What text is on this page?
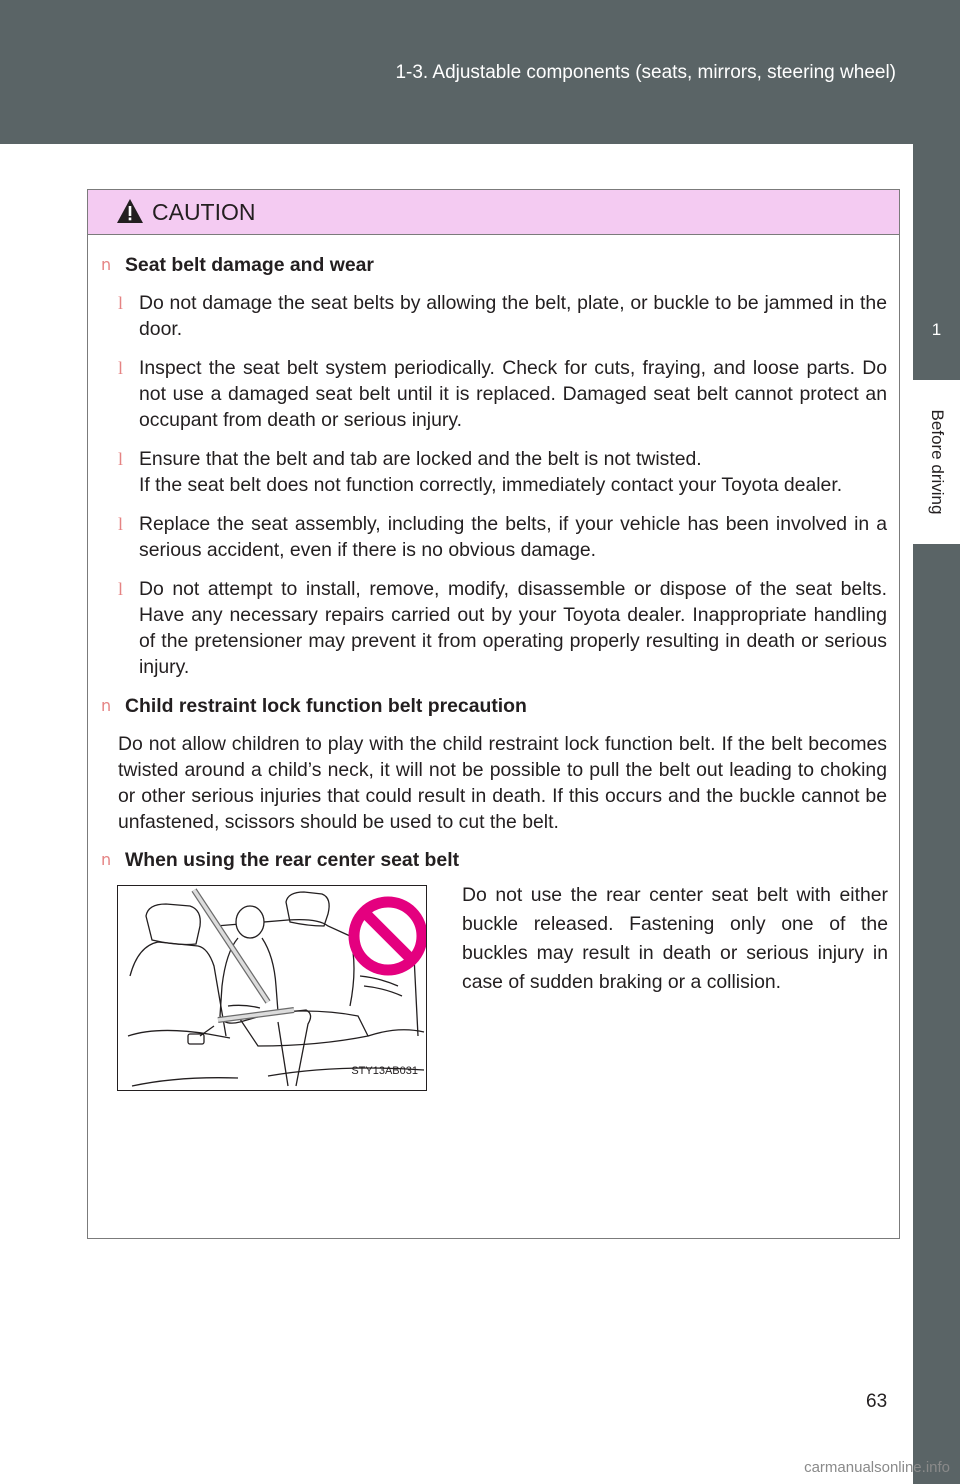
1-3. Adjustable components (seats, mirrors, steering wheel)
1
Before driving
CAUTION
n Seat belt damage and wear
l Do not damage the seat belts by allowing the belt, plate, or buckle to be jammed in the door.
l Inspect the seat belt system periodically. Check for cuts, fraying, and loose parts. Do not use a damaged seat belt until it is replaced. Damaged seat belt cannot protect an occupant from death or serious injury.
l Ensure that the belt and tab are locked and the belt is not twisted.
If the seat belt does not function correctly, immediately contact your Toyota dealer.
l Replace the seat assembly, including the belts, if your vehicle has been involved in a serious accident, even if there is no obvious damage.
l Do not attempt to install, remove, modify, disassemble or dispose of the seat belts. Have any necessary repairs carried out by your Toyota dealer. Inappropriate handling of the pretensioner may prevent it from operating properly resulting in death or serious injury.
n Child restraint lock function belt precaution
Do not allow children to play with the child restraint lock function belt. If the belt becomes twisted around a child’s neck, it will not be possible to pull the belt out leading to choking or other serious injuries that could result in death. If this occurs and the buckle cannot be unfastened, scissors should be used to cut the belt.
n When using the rear center seat belt
STY13AB031
Do not use the rear center seat belt with either buckle released. Fastening only one of the buckles may result in death or serious injury in case of sudden braking or a collision.
63
carmanualsonline.info
